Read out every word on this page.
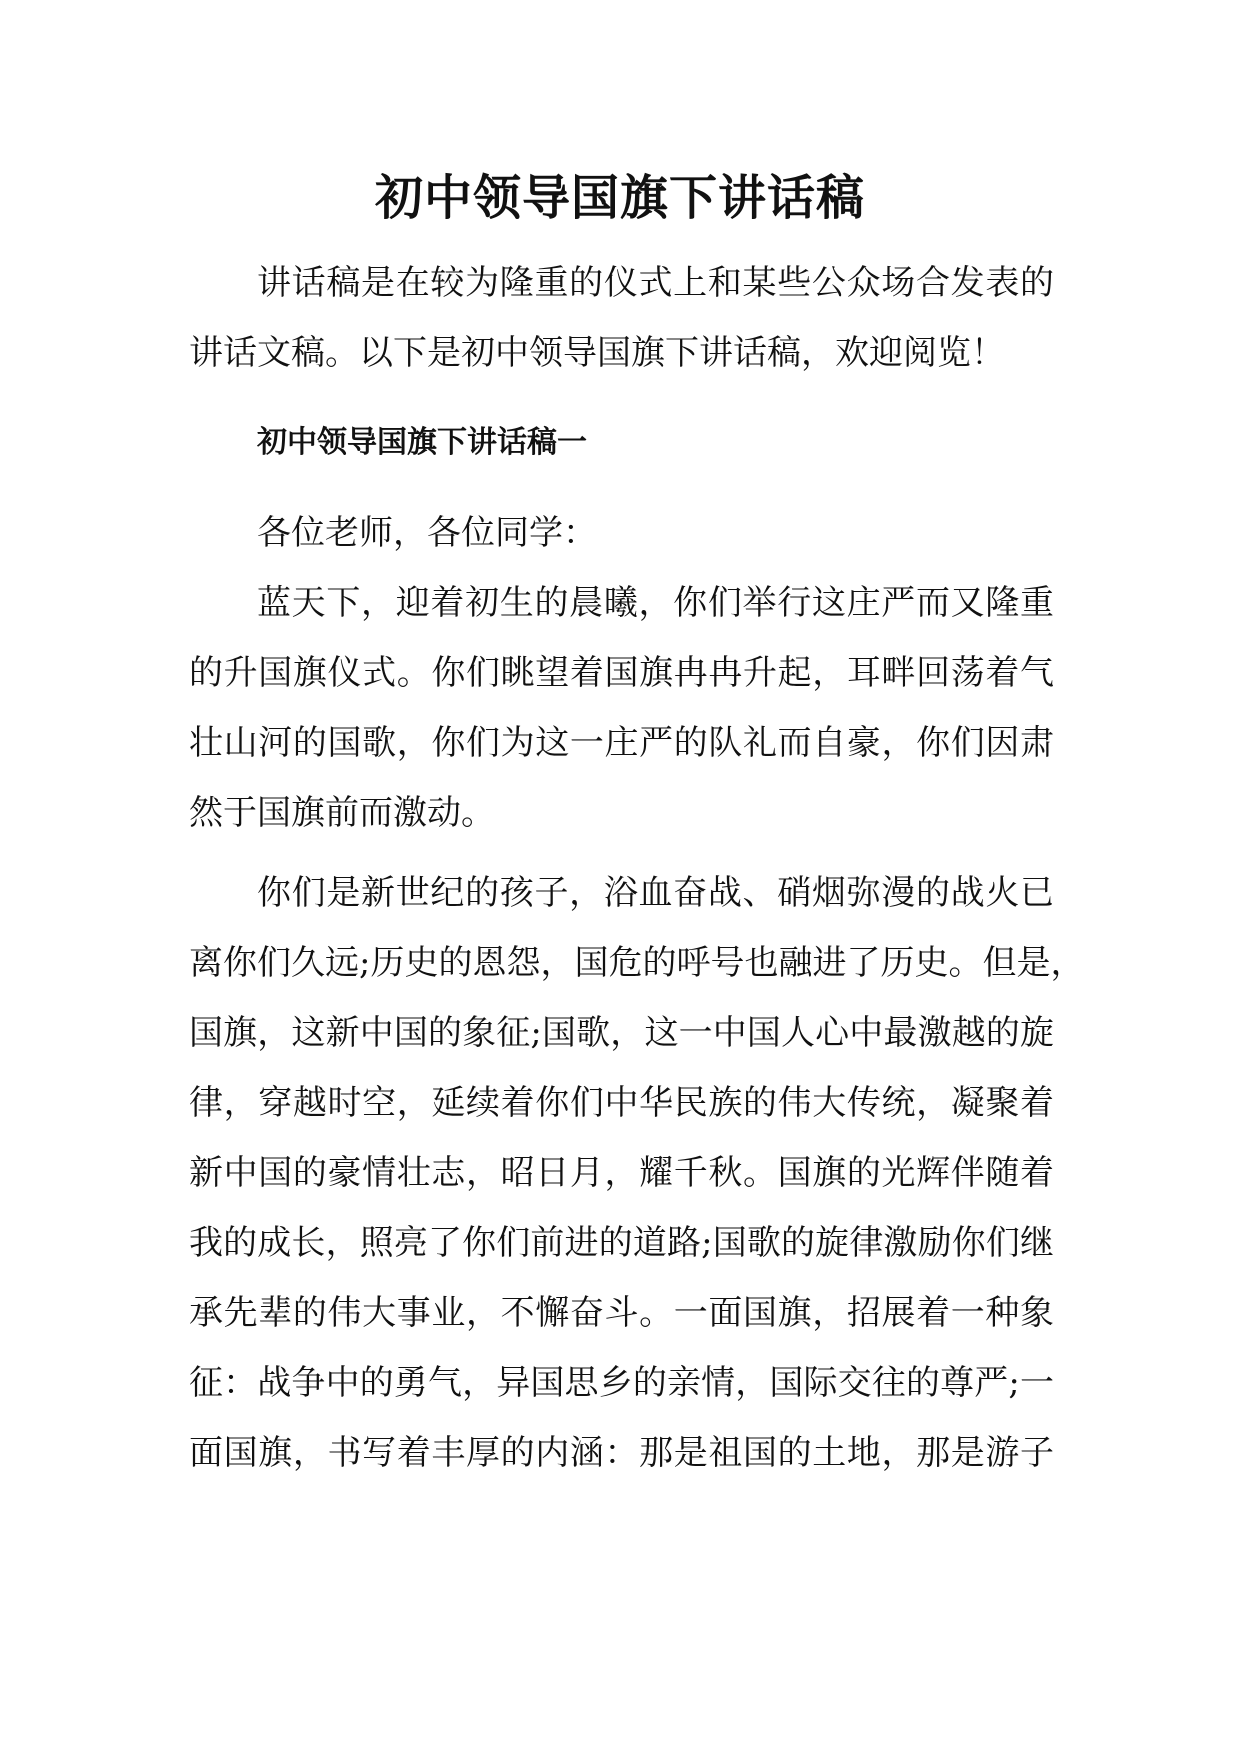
初中领导国旗下讲话稿
讲话稿是在较为隆重的仪式上和某些公众场合发表的
讲话文稿。以下是初中领导国旗下讲话稿，欢迎阅览！
初中领导国旗下讲话稿一
各位老师，各位同学：
蓝天下，迎着初生的晨曦，你们举行这庄严而又隆重
的升国旗仪式。你们眺望着国旗冉冉升起，耳畔回荡着气
壮山河的国歌，你们为这一庄严的队礼而自豪，你们因肃
然于国旗前而激动。
你们是新世纪的孩子，浴血奋战、硝烟弥漫的战火已
离你们久远;历史的恩怨，国危的呼号也融进了历史。但是，
国旗，这新中国的象征;国歌，这一中国人心中最激越的旋
律，穿越时空，延续着你们中华民族的伟大传统，凝聚着
新中国的豪情壮志，昭日月，耀千秋。国旗的光辉伴随着
我的成长，照亮了你们前进的道路;国歌的旋律激励你们继
承先辈的伟大事业，不懈奋斗。一面国旗，招展着一种象
征：战争中的勇气，异国思乡的亲情，国际交往的尊严;一
面国旗，书写着丰厚的内涵：那是祖国的土地，那是游子
